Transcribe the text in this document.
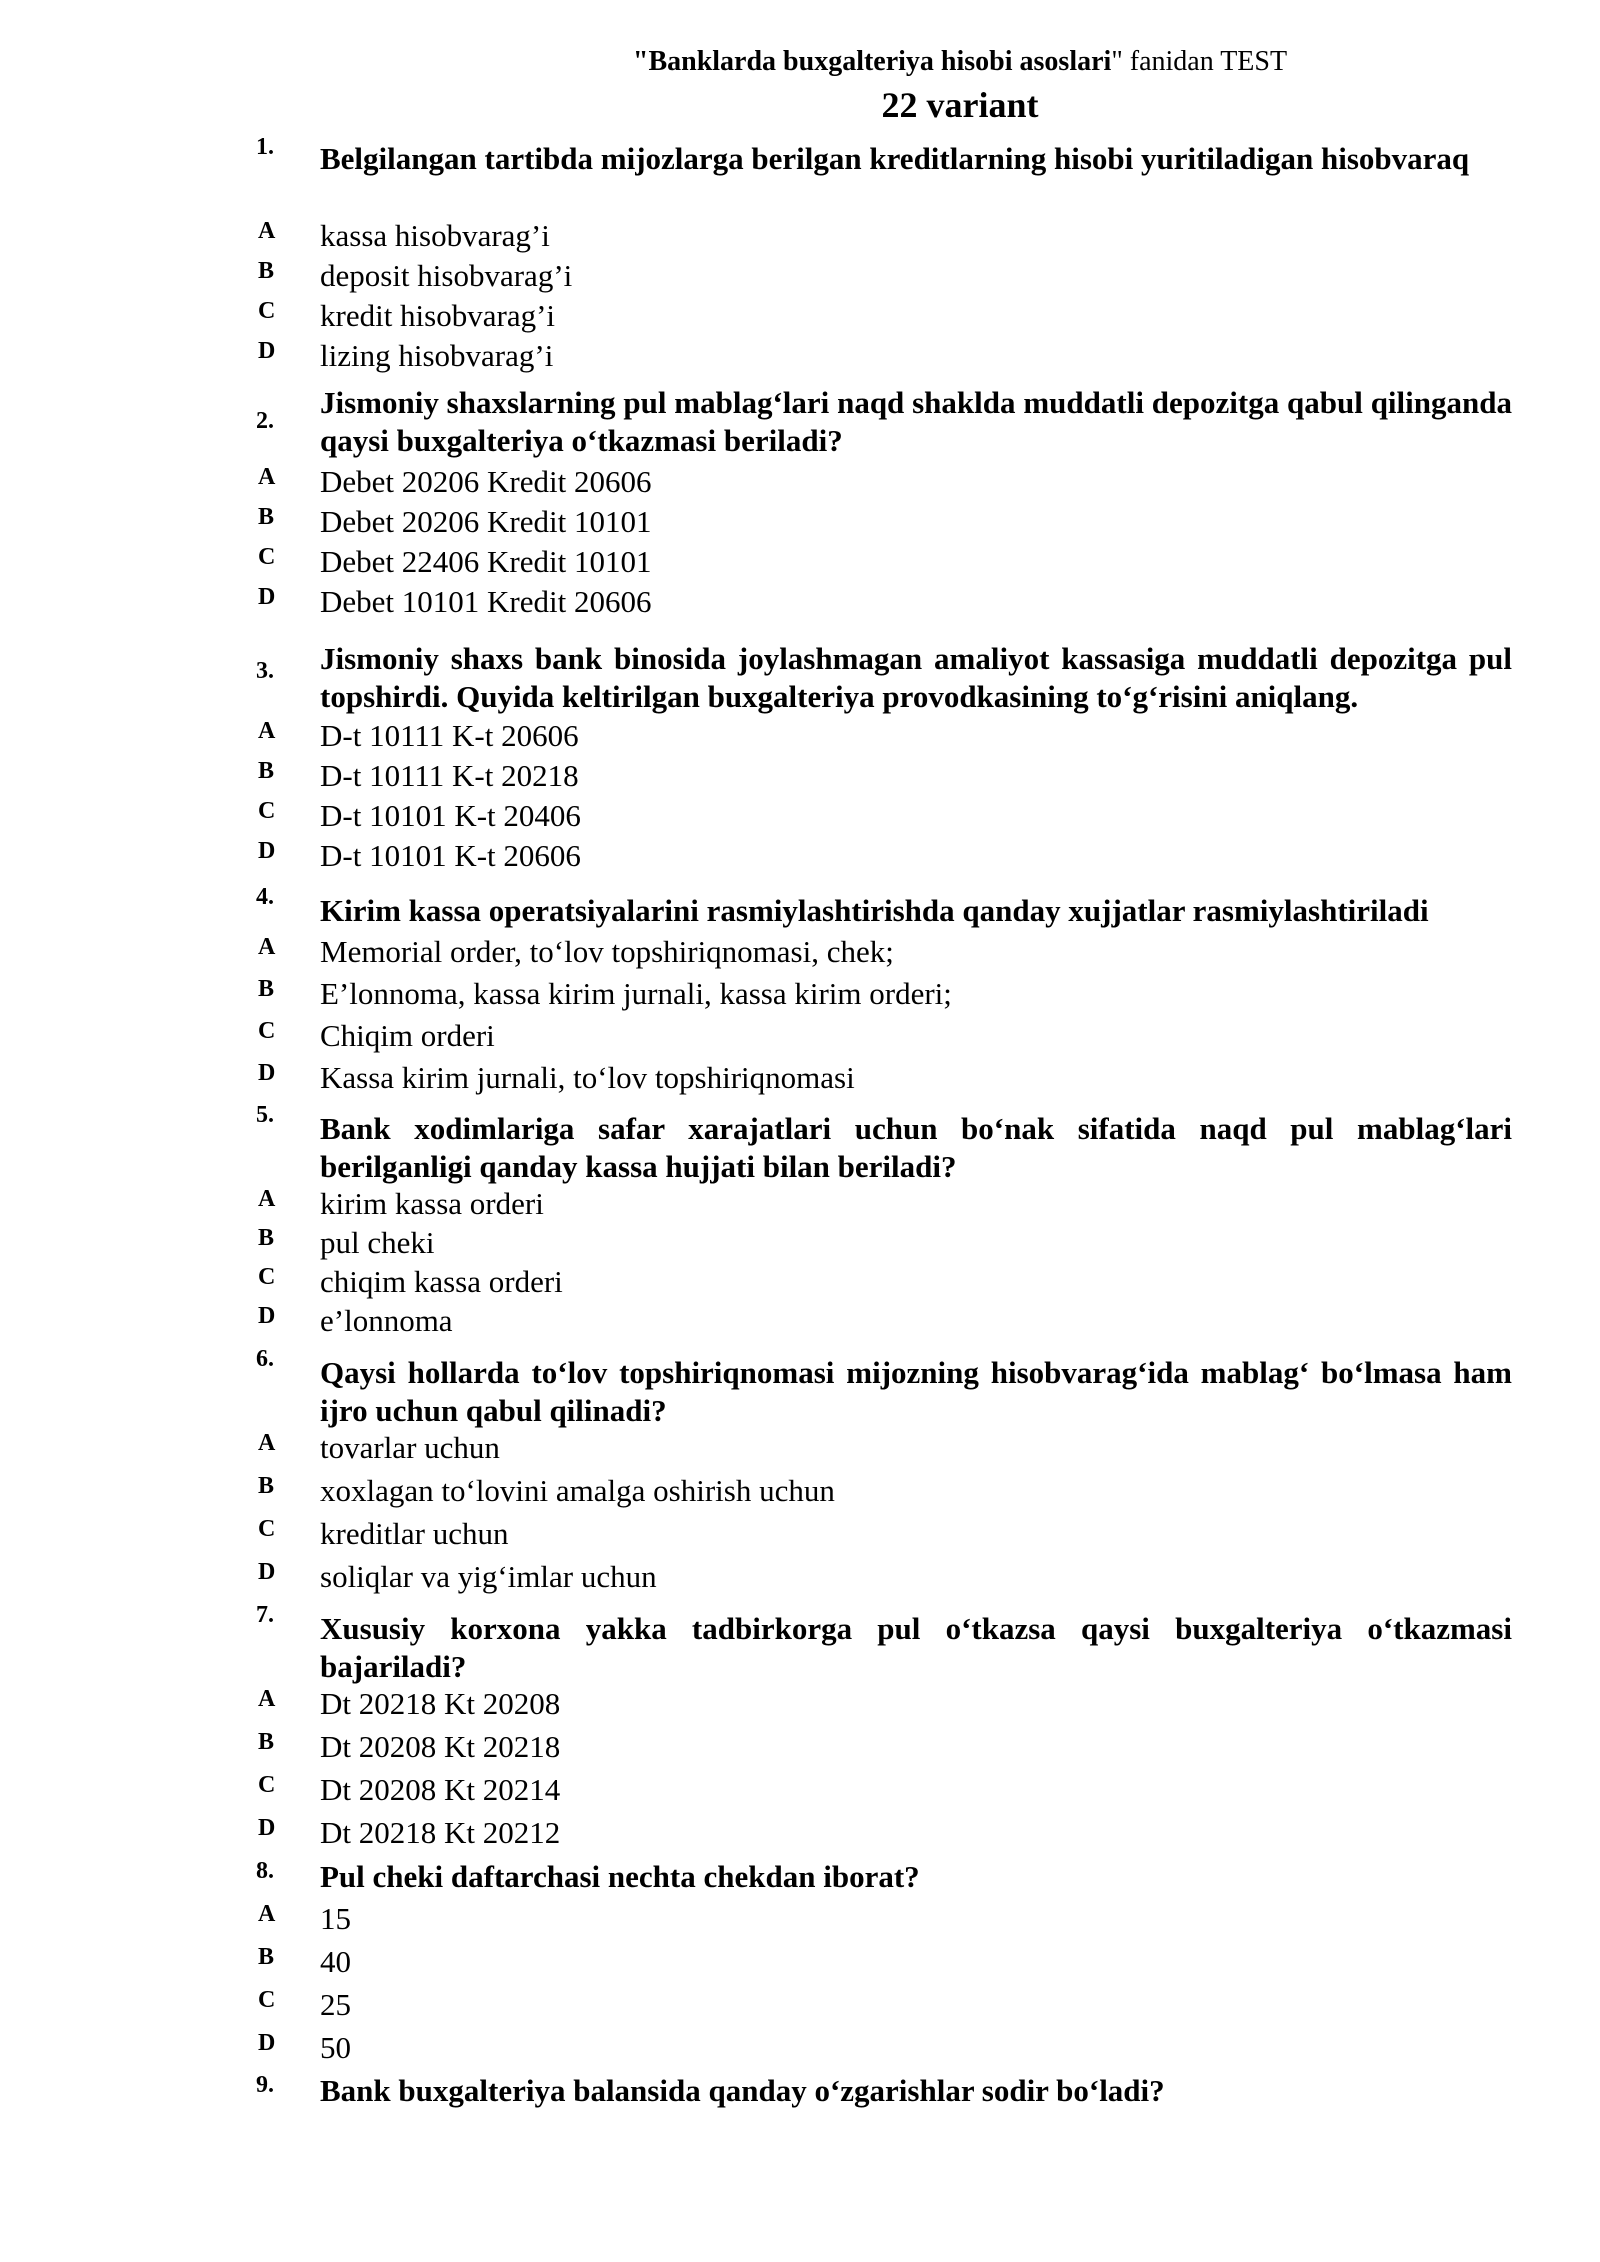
"Banklarda buxgalteriya hisobi asoslari" fanidan TEST
22 variant
1. Belgilangan tartibda mijozlarga berilgan kreditlarning hisobi yuritiladigan hisobvaraq
A kassa hisobvarag’i
B deposit hisobvarag’i
C kredit hisobvarag’i
D lizing hisobvarag’i
2.
Jismoniy shaxslarning pul mablag‘lari naqd shaklda muddatli depozitga qabul qilinganda qaysi buxgalteriya o‘tkazmasi beriladi?
A Debet 20206 Kredit 20606
B Debet 20206 Kredit 10101
C Debet 22406 Kredit 10101
D Debet 10101 Kredit 20606
3. Jismoniy shaxs bank binosida joylashmagan amaliyot kassasiga muddatli depozitga pul topshirdi. Quyida keltirilgan buxgalteriya provodkasining to‘g‘risini aniqlang.
A D-t 10111 K-t 20606
B D-t 10111 K-t 20218
C D-t 10101 K-t 20406
D D-t 10101 K-t 20606
4. Kirim kassa operatsiyalarini rasmiylashtirishda qanday xujjatlar rasmiylashtiriladi
A Memorial order, to‘lov topshiriqnomasi, chek;
B E’lonnoma, kassa kirim jurnali, kassa kirim orderi;
C Chiqim orderi
D Kassa kirim jurnali, to‘lov topshiriqnomasi
5. Bank xodimlariga safar xarajatlari uchun bo‘nak sifatida naqd pul mablag‘lari berilganligi qanday kassa hujjati bilan beriladi?
A kirim kassa orderi
B pul cheki
C chiqim kassa orderi
D e’lonnoma
6. Qaysi hollarda to‘lov topshiriqnomasi mijozning hisobvarag‘ida mablag‘ bo‘lmasa ham ijro uchun qabul qilinadi?
A tovarlar uchun
B xoxlagan to‘lovini amalga oshirish uchun
C kreditlar uchun
D soliqlar va yig‘imlar uchun
7. Xususiy korxona yakka tadbirkorga pul o‘tkazsa qaysi buxgalteriya o‘tkazmasi bajariladi?
A Dt 20218 Kt 20208
B Dt 20208 Kt 20218
C Dt 20208 Kt 20214
D Dt 20218 Kt 20212
8. Pul cheki daftarchasi nechta chekdan iborat?
A 15
B 40
C 25
D 50
9. Bank buxgalteriya balansida qanday o‘zgarishlar sodir bo‘ladi?
